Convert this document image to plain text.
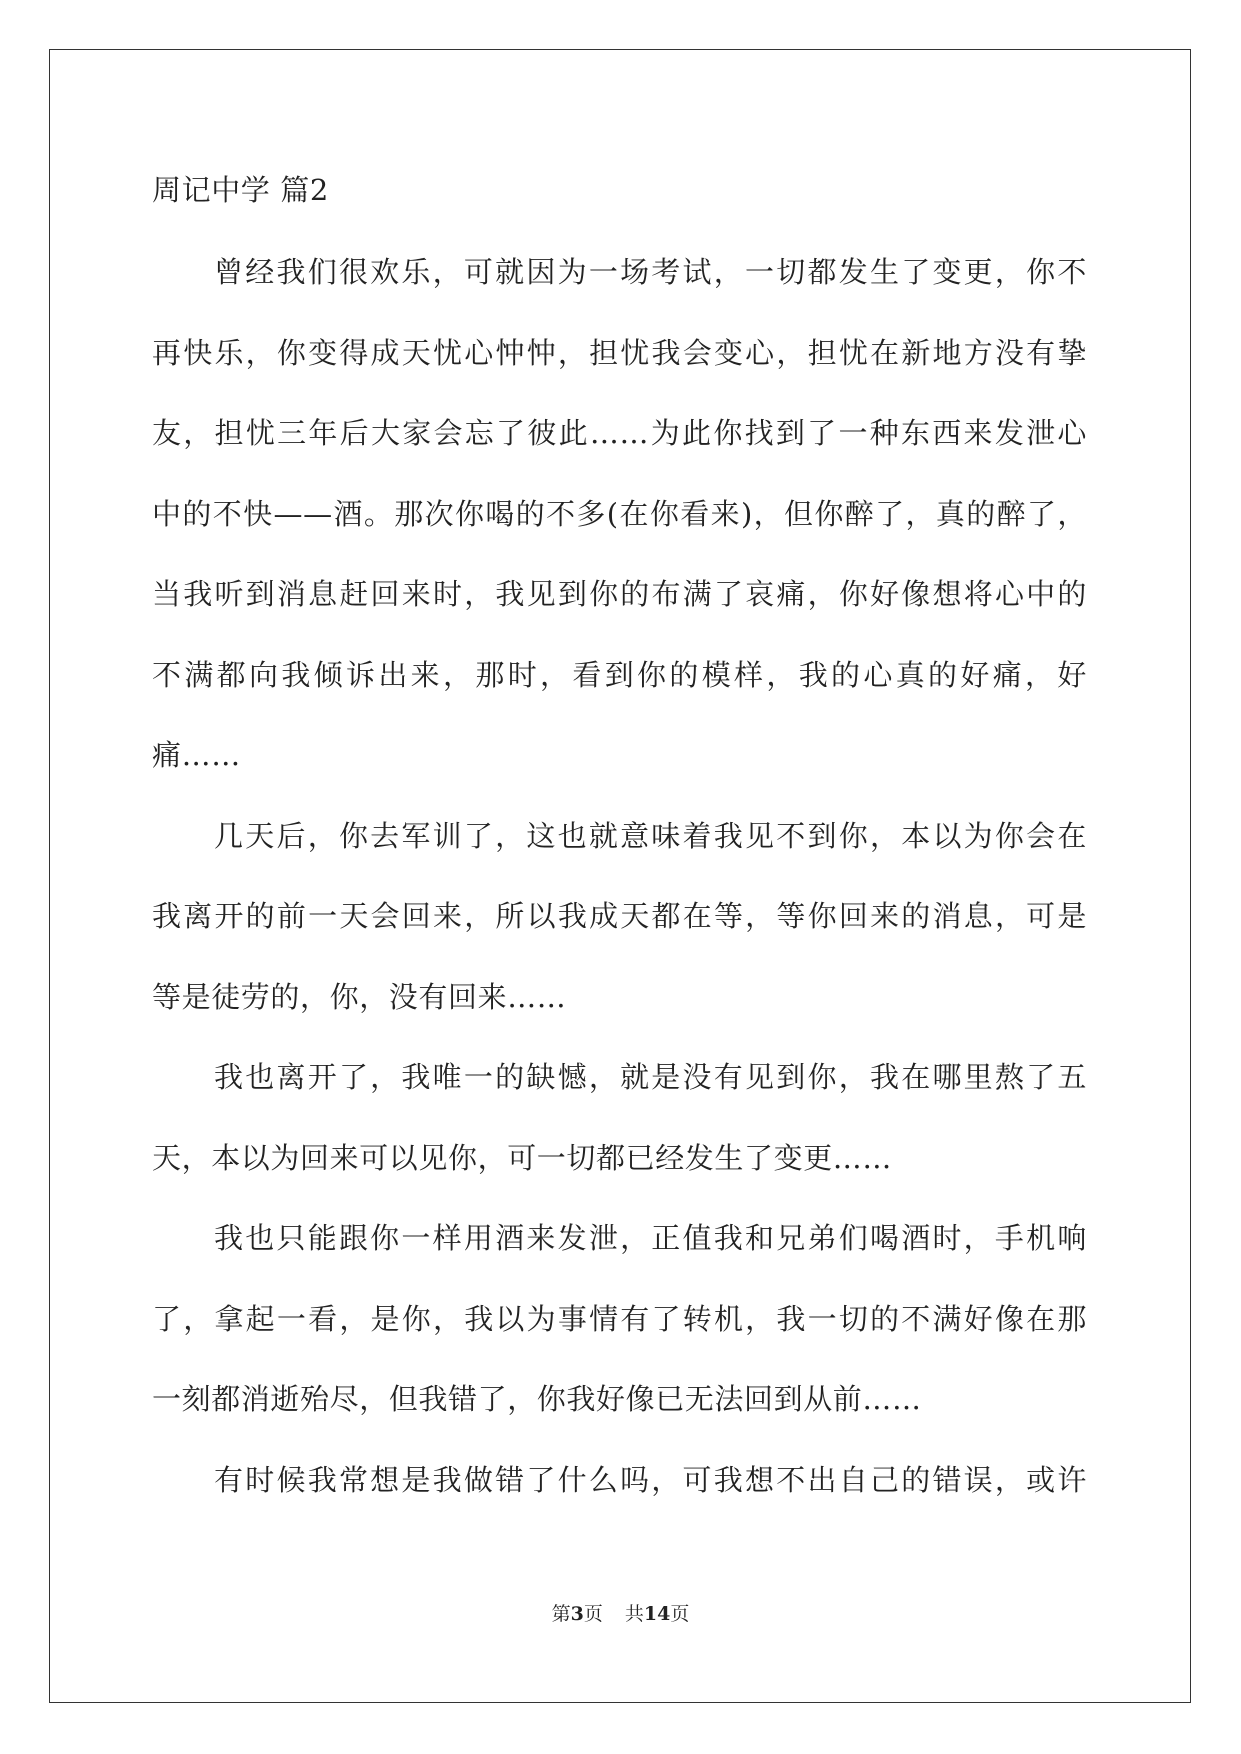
周记中学 篇2
曾经我们很欢乐，可就因为一场考试，一切都发生了变更，你不
再快乐，你变得成天忧心忡忡，担忧我会变心，担忧在新地方没有挚
友，担忧三年后大家会忘了彼此……为此你找到了一种东西来发泄心
中的不快——酒。那次你喝的不多(在你看来)，但你醉了，真的醉了，
当我听到消息赶回来时，我见到你的布满了哀痛，你好像想将心中的
不满都向我倾诉出来，那时，看到你的模样，我的心真的好痛，好
痛……
几天后，你去军训了，这也就意味着我见不到你，本以为你会在
我离开的前一天会回来，所以我成天都在等，等你回来的消息，可是
等是徒劳的，你，没有回来……
我也离开了，我唯一的缺憾，就是没有见到你，我在哪里熬了五
天，本以为回来可以见你，可一切都已经发生了变更……
我也只能跟你一样用酒来发泄，正值我和兄弟们喝酒时，手机响
了，拿起一看，是你，我以为事情有了转机，我一切的不满好像在那
一刻都消逝殆尽，但我错了，你我好像已无法回到从前……
有时候我常想是我做错了什么吗，可我想不出自己的错误，或许
第3页 共14页
